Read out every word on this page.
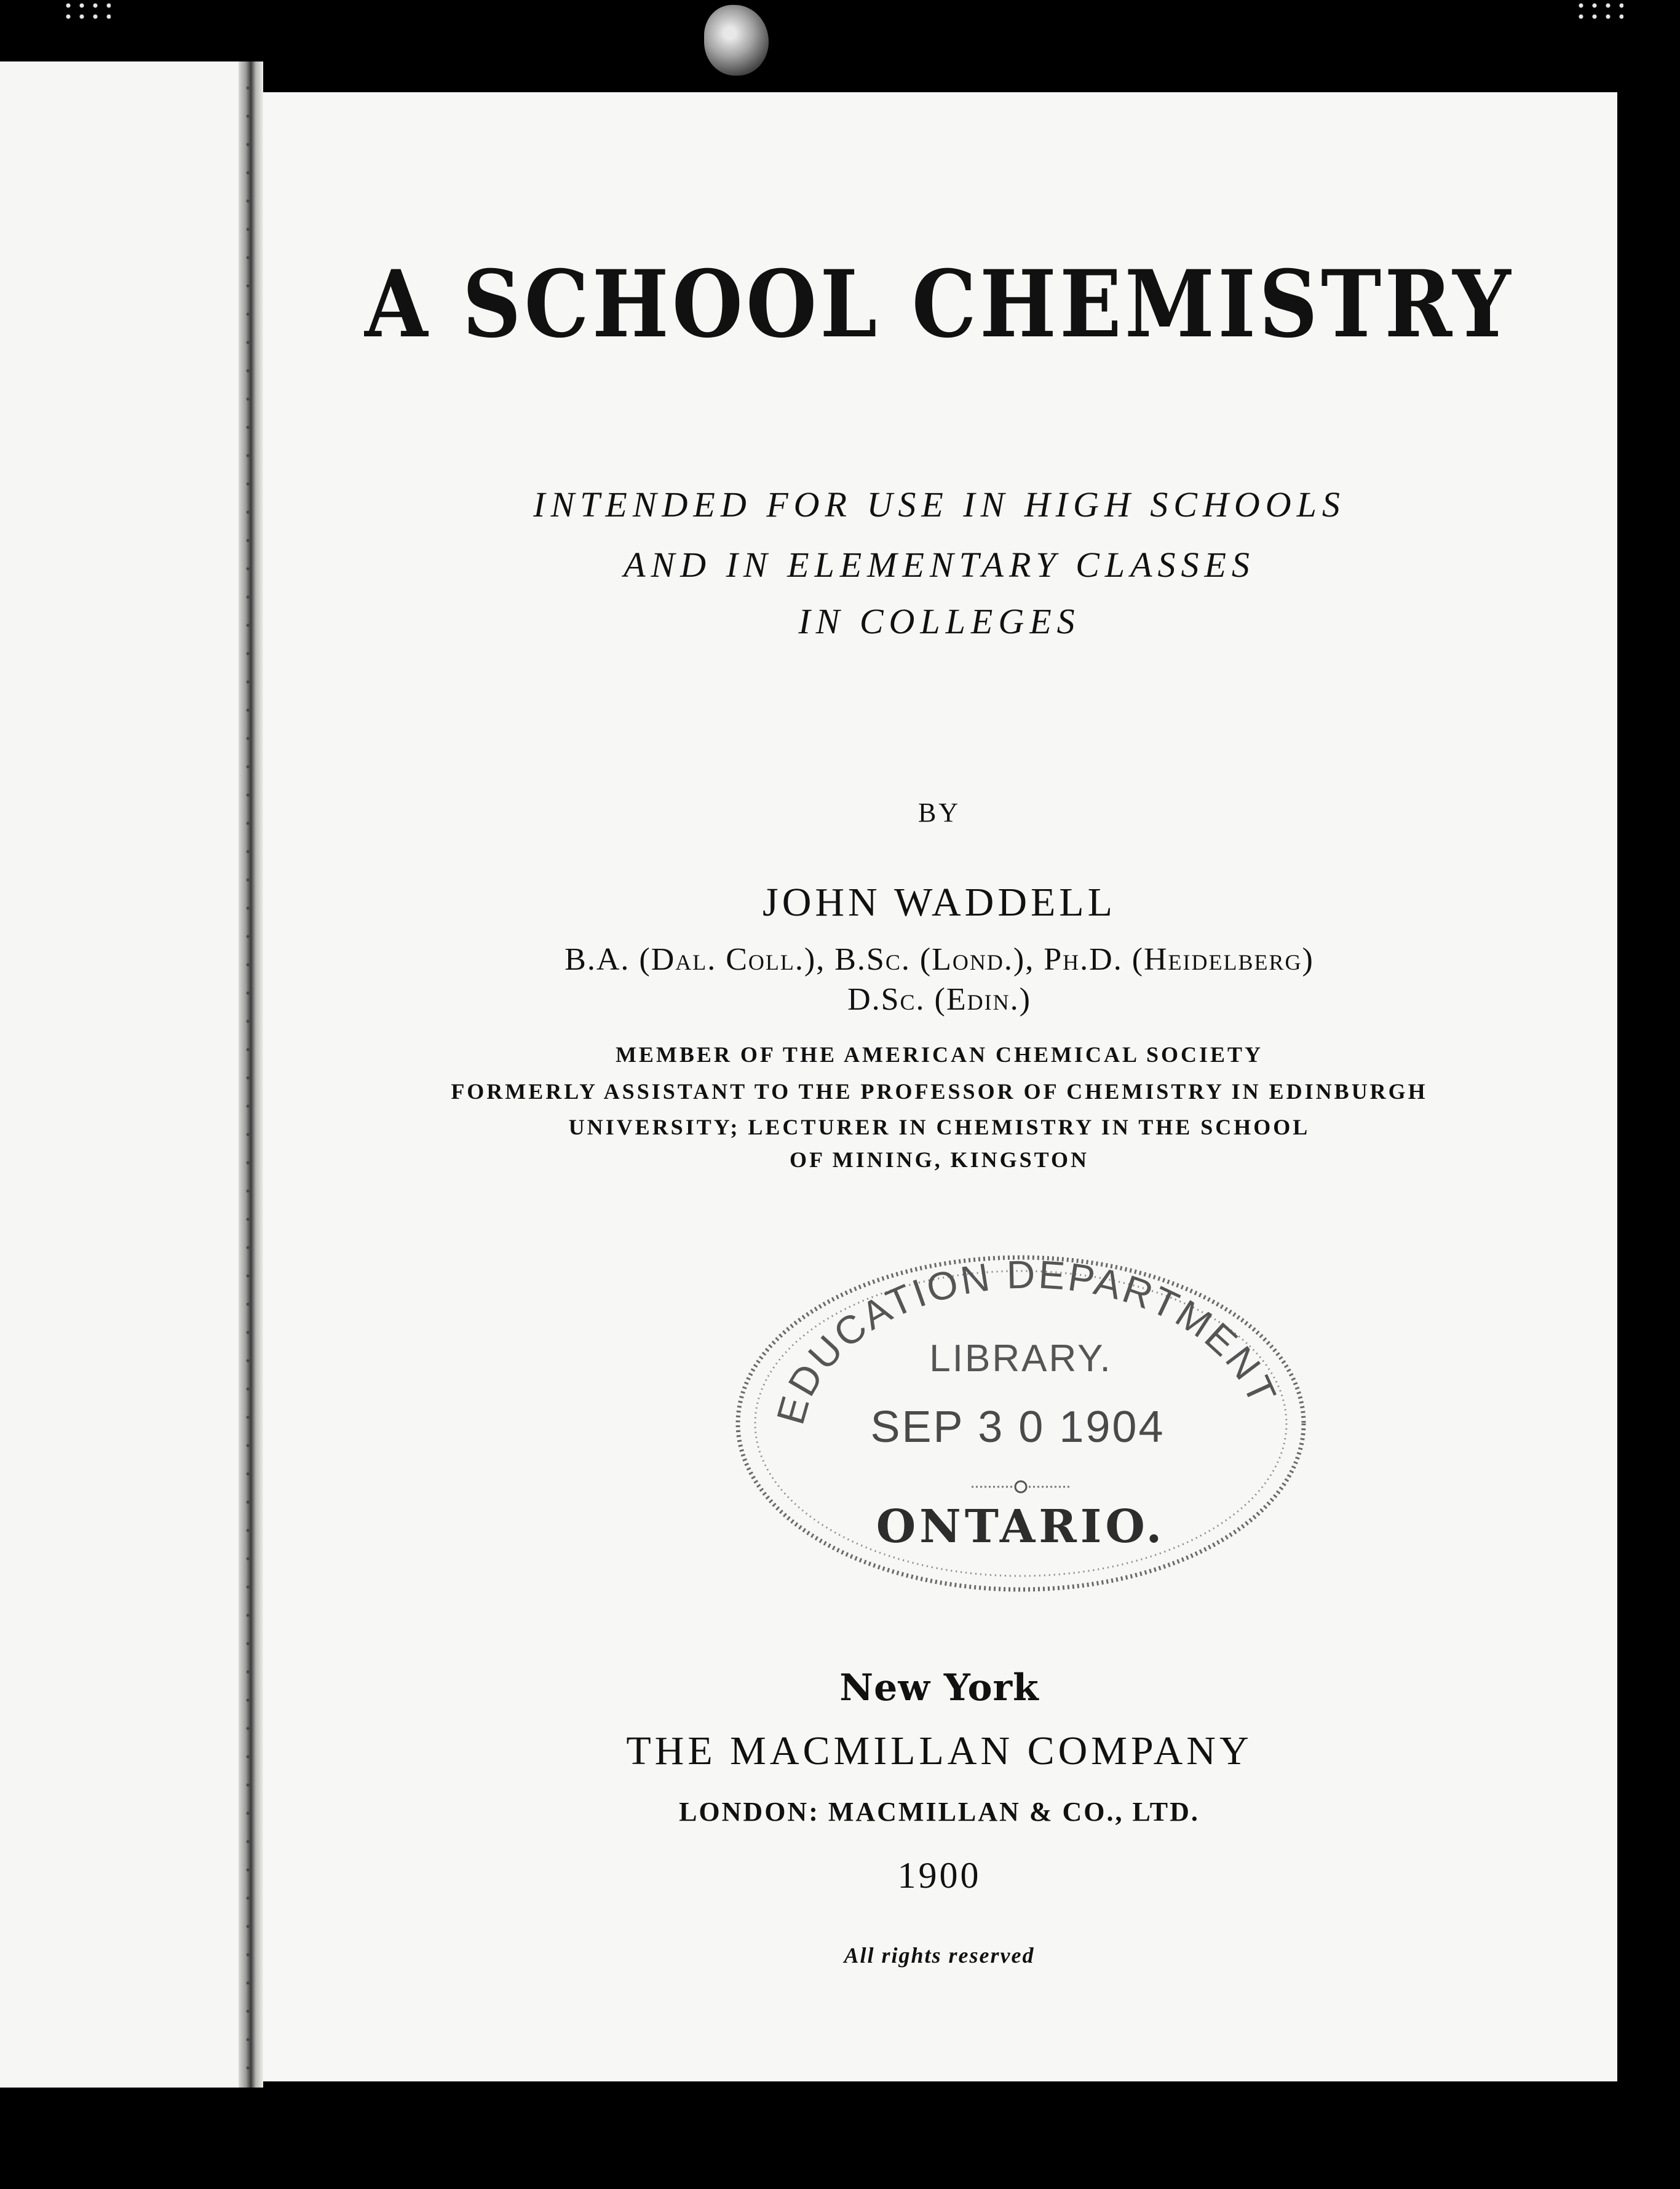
A SCHOOL CHEMISTRY

INTENDED FOR USE IN HIGH SCHOOLS

AND IN ELEMENTARY CLASSES

IN COLLEGES

BY

JOHN WADDELL

B.A. (Dal. Coll.), B.Sc. (Lond.), Ph.D. (Heidelberg)

D.Sc. (Edin.)

MEMBER OF THE AMERICAN CHEMICAL SOCIETY

FORMERLY ASSISTANT TO THE PROFESSOR OF CHEMISTRY IN EDINBURGH

UNIVERSITY; LECTURER IN CHEMISTRY IN THE SCHOOL

OF MINING, KINGSTON

EDUCATION DEPARTMENT
LIBRARY.
SEP 3 0 1904
ONTARIO.

New York

THE MACMILLAN COMPANY

LONDON: MACMILLAN & CO., LTD.

1900

All rights reserved
